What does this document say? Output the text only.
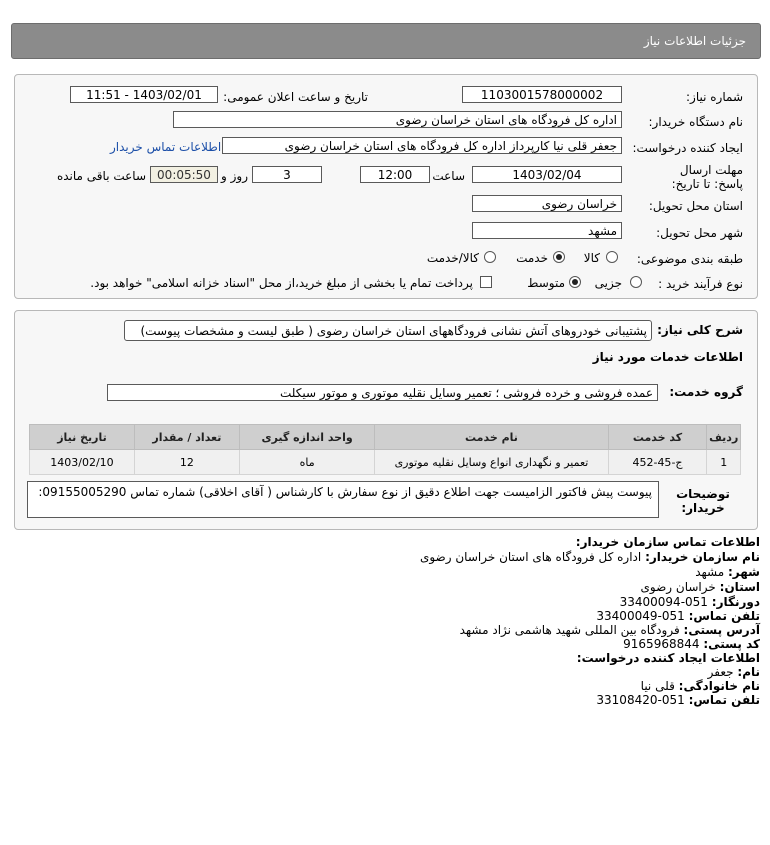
جزئیات اطلاعات نیاز
شماره نیاز:
1103001578000002
تاریخ و ساعت اعلان عمومی:
1403/02/01 - 11:51
نام دستگاه خریدار:
اداره کل فرودگاه های استان خراسان رضوی
ایجاد کننده درخواست:
جعفر قلی نیا کارپرداز اداره کل فرودگاه های استان خراسان رضوی
اطلاعات تماس خریدار
مهلت ارسال پاسخ: تا تاریخ:
1403/02/04
ساعت
12:00
3
روز و
00:05:50
ساعت باقی مانده
استان محل تحویل:
خراسان رضوی
شهر محل تحویل:
مشهد
طبقه بندی موضوعی:
کالا
خدمت
کالا/خدمت
نوع فرآیند خرید :
جزیی
متوسط
پرداخت تمام یا بخشی از مبلغ خرید،از محل "اسناد خزانه اسلامی" خواهد بود.
شرح کلی نیاز:
پشتیبانی خودروهای آتش نشانی فرودگاههای استان خراسان رضوی ( طبق لیست و مشخصات پیوست)
اطلاعات خدمات مورد نیاز
گروه خدمت:
عمده فروشی و خرده فروشی ؛ تعمیر وسایل نقلیه موتوری و موتور سیکلت
ردیف	کد خدمت	نام خدمت	واحد اندازه گیری	تعداد / مقدار	تاریخ نیاز
1	ج-45-452	تعمیر و نگهداری انواع وسایل نقلیه موتوری	ماه	12	1403/02/10
توضیحات خریدار:
پیوست پیش فاکتور الزامیست جهت اطلاع دقیق از نوع سفارش با کارشناس ( آقای اخلاقی) شماره تماس 09155005290:
اطلاعات تماس سازمان خریدار:
نام سازمان خریدار: اداره کل فرودگاه های استان خراسان رضوی
شهر: مشهد
استان: خراسان رضوی
دورنگار: 051-33400094
تلفن تماس: 051-33400049
آدرس پستی: فرودگاه بین المللی شهید هاشمی نژاد مشهد
کد پستی: 9165968844
اطلاعات ایجاد کننده درخواست:
نام: جعفر
نام خانوادگی: قلی نیا
تلفن تماس: 051-33108420
